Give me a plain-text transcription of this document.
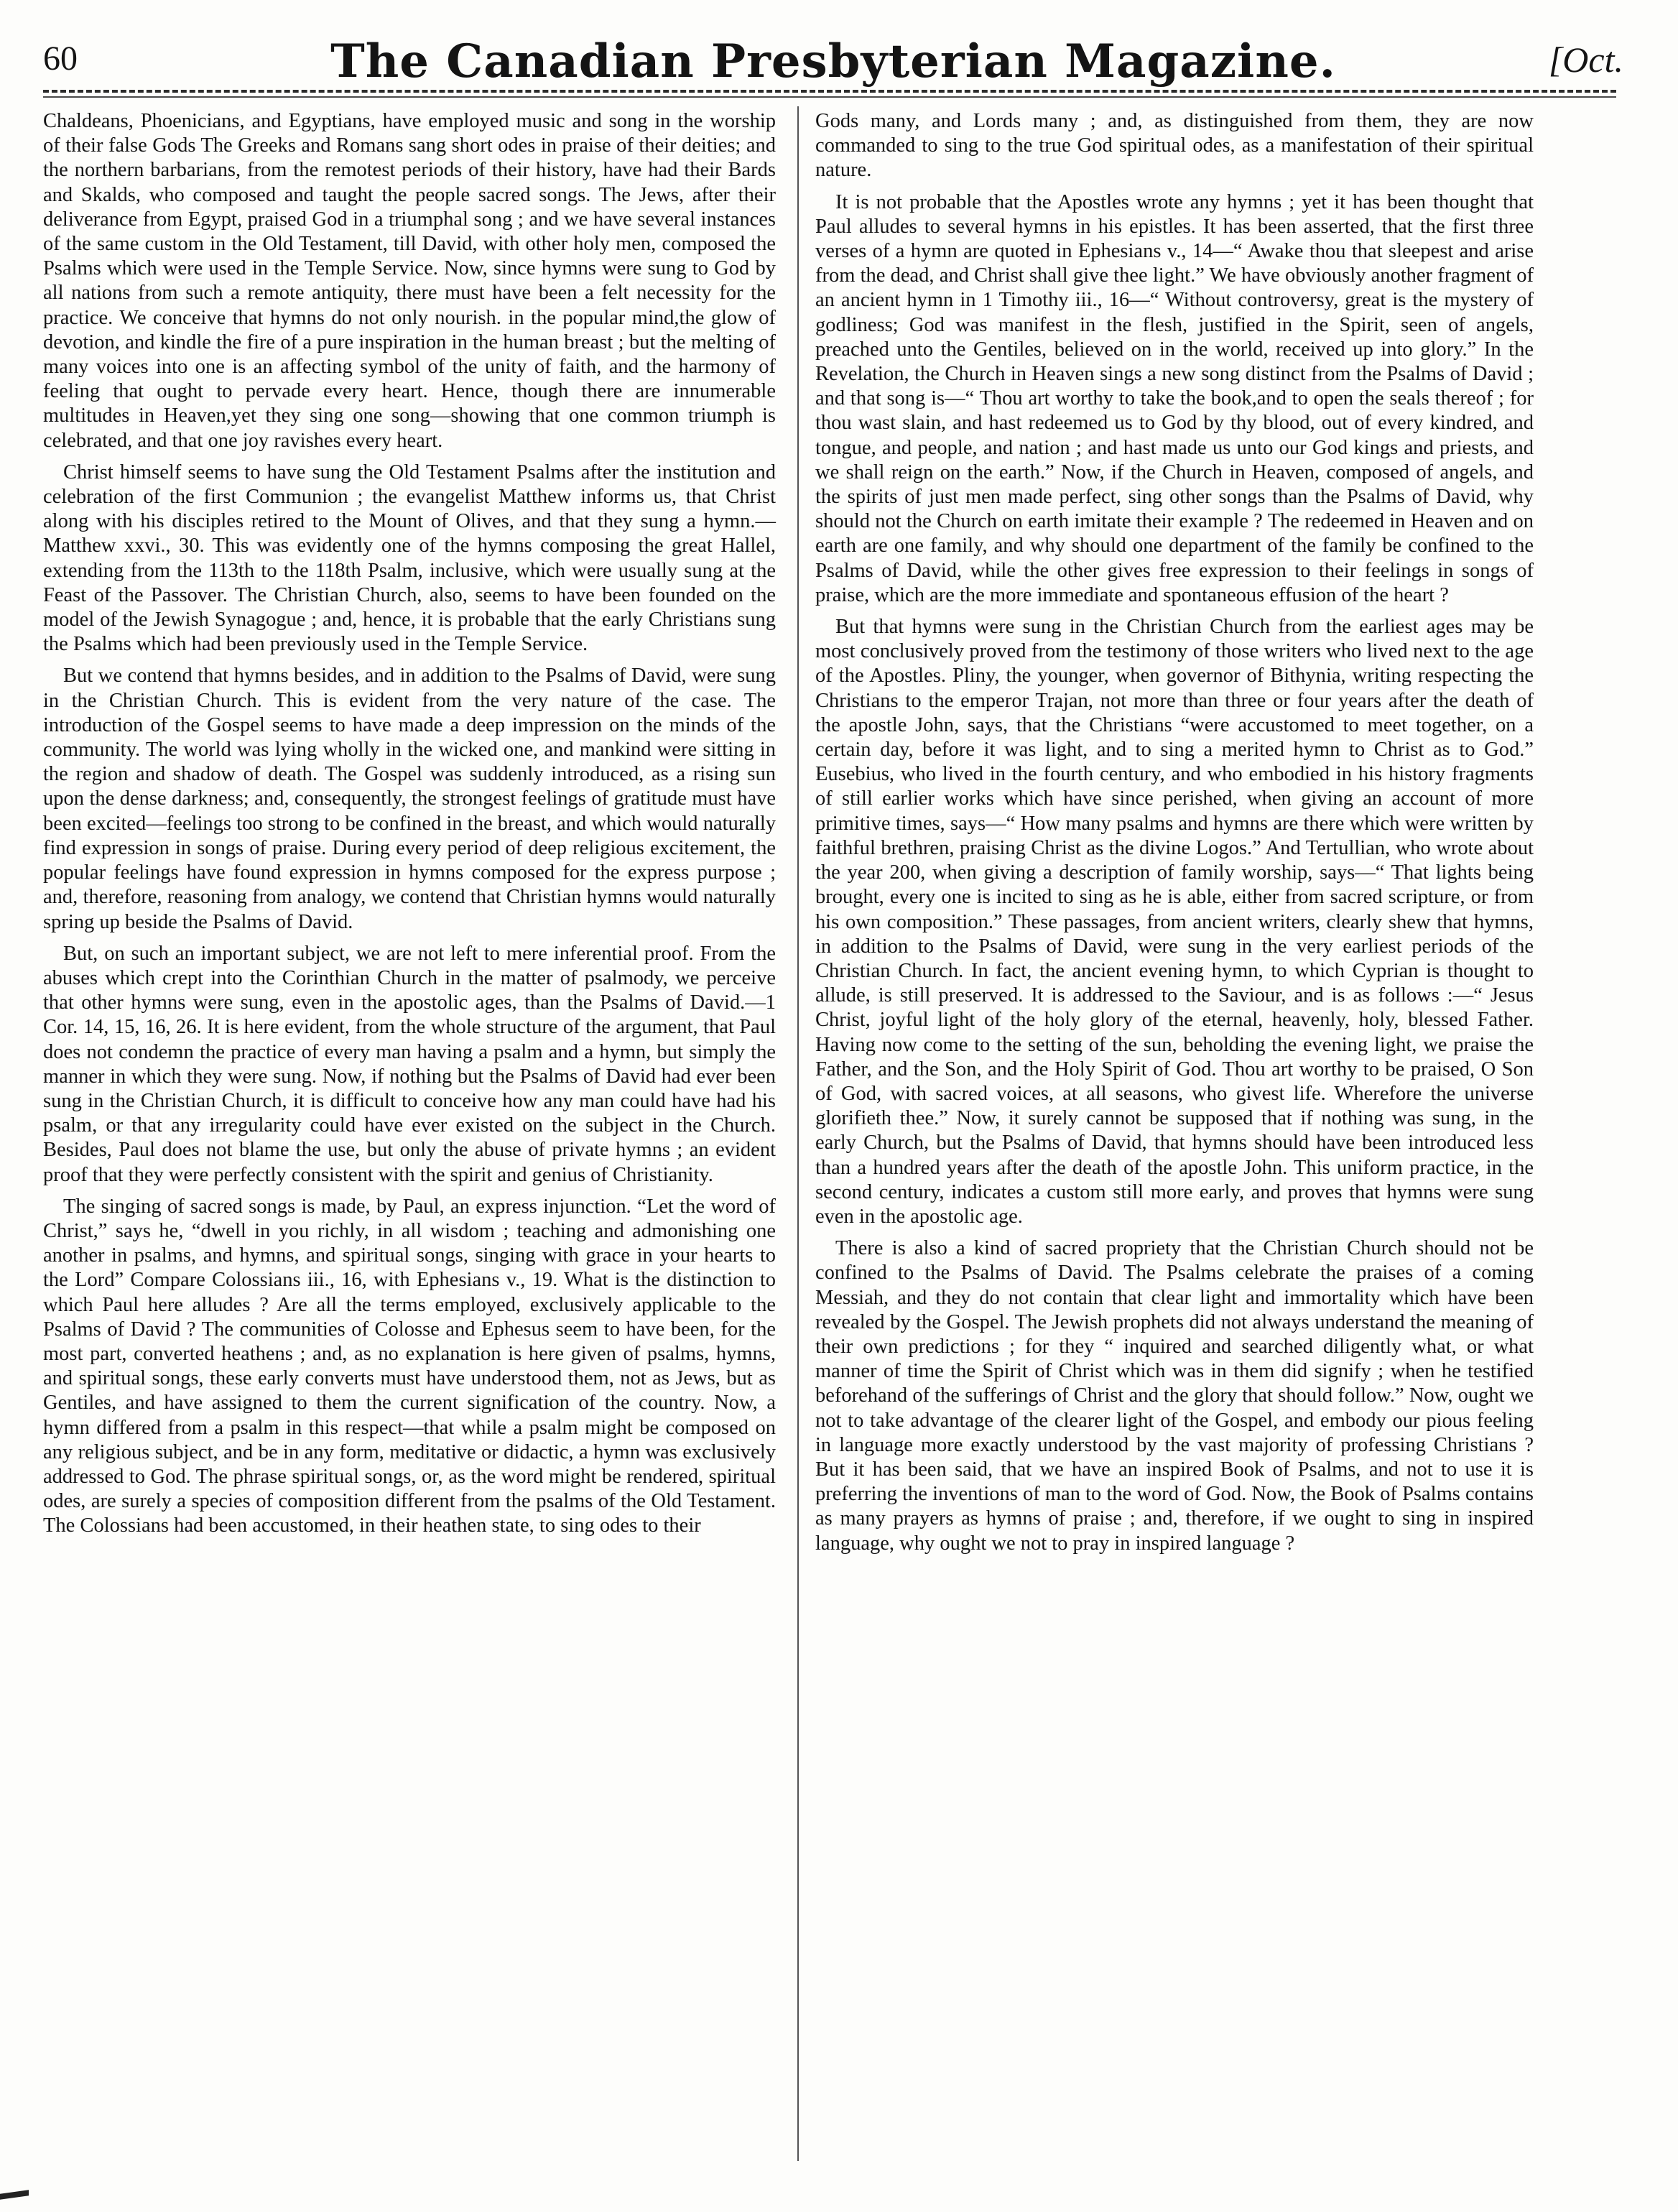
60	The Canadian Presbyterian Magazine.	[Oct.

Chaldeans, Phoenicians, and Egyptians, have employed music and song in the worship of their false Gods The Greeks and Romans sang short odes in praise of their deities; and the northern barbarians, from the remotest periods of their history, have had their Bards and Skalds, who composed and taught the people sacred songs. The Jews, after their deliverance from Egypt, praised God in a triumphal song ; and we have several instances of the same custom in the Old Testament, till David, with other holy men, composed the Psalms which were used in the Temple Service. Now, since hymns were sung to God by all nations from such a remote antiquity, there must have been a felt necessity for the practice. We conceive that hymns do not only nourish. in the popular mind,the glow of devotion, and kindle the fire of a pure inspiration in the human breast ; but the melting of many voices into one is an affecting symbol of the unity of faith, and the harmony of feeling that ought to pervade every heart. Hence, though there are innumerable multitudes in Heaven,yet they sing one song—showing that one common triumph is celebrated, and that one joy ravishes every heart.

Christ himself seems to have sung the Old Testament Psalms after the institution and celebration of the first Communion ; the evangelist Matthew informs us, that Christ along with his disciples retired to the Mount of Olives, and that they sung a hymn.—Matthew xxvi., 30. This was evidently one of the hymns composing the great Hallel, extending from the 113th to the 118th Psalm, inclusive, which were usually sung at the Feast of the Passover. The Christian Church, also, seems to have been founded on the model of the Jewish Synagogue ; and, hence, it is probable that the early Christians sung the Psalms which had been previously used in the Temple Service.

But we contend that hymns besides, and in addition to the Psalms of David, were sung in the Christian Church. This is evident from the very nature of the case. The introduction of the Gospel seems to have made a deep impression on the minds of the community. The world was lying wholly in the wicked one, and mankind were sitting in the region and shadow of death. The Gospel was suddenly introduced, as a rising sun upon the dense darkness; and, consequently, the strongest feelings of gratitude must have been excited—feelings too strong to be confined in the breast, and which would naturally find expression in songs of praise. During every period of deep religious excitement, the popular feelings have found expression in hymns composed for the express purpose ; and, therefore, reasoning from analogy, we contend that Christian hymns would naturally spring up beside the Psalms of David.

But, on such an important subject, we are not left to mere inferential proof. From the abuses which crept into the Corinthian Church in the matter of psalmody, we perceive that other hymns were sung, even in the apostolic ages, than the Psalms of David.—1 Cor. 14, 15, 16, 26. It is here evident, from the whole structure of the argument, that Paul does not condemn the practice of every man having a psalm and a hymn, but simply the manner in which they were sung. Now, if nothing but the Psalms of David had ever been sung in the Christian Church, it is difficult to conceive how any man could have had his psalm, or that any irregularity could have ever existed on the subject in the Church. Besides, Paul does not blame the use, but only the abuse of private hymns ; an evident proof that they were perfectly consistent with the spirit and genius of Christianity.

The singing of sacred songs is made, by Paul, an express injunction. “Let the word of Christ,” says he, “dwell in you richly, in all wisdom ; teaching and admonishing one another in psalms, and hymns, and spiritual songs, singing with grace in your hearts to the Lord” Compare Colossians iii., 16, with Ephesians v., 19. What is the distinction to which Paul here alludes ? Are all the terms employed, exclusively applicable to the Psalms of David ? The communities of Colosse and Ephesus seem to have been, for the most part, converted heathens ; and, as no explanation is here given of psalms, hymns, and spiritual songs, these early converts must have understood them, not as Jews, but as Gentiles, and have assigned to them the current signification of the country. Now, a hymn differed from a psalm in this respect—that while a psalm might be composed on any religious subject, and be in any form, meditative or didactic, a hymn was exclusively addressed to God. The phrase spiritual songs, or, as the word might be rendered, spiritual odes, are surely a species of composition different from the psalms of the Old Testament. The Colossians had been accustomed, in their heathen state, to sing odes to their

Gods many, and Lords many ; and, as distinguished from them, they are now commanded to sing to the true God spiritual odes, as a manifestation of their spiritual nature.

It is not probable that the Apostles wrote any hymns ; yet it has been thought that Paul alludes to several hymns in his epistles. It has been asserted, that the first three verses of a hymn are quoted in Ephesians v., 14—“ Awake thou that sleepest and arise from the dead, and Christ shall give thee light.” We have obviously another fragment of an ancient hymn in 1 Timothy iii., 16—“ Without controversy, great is the mystery of godliness; God was manifest in the flesh, justified in the Spirit, seen of angels, preached unto the Gentiles, believed on in the world, received up into glory.” In the Revelation, the Church in Heaven sings a new song distinct from the Psalms of David ; and that song is—“ Thou art worthy to take the book,and to open the seals thereof ; for thou wast slain, and hast redeemed us to God by thy blood, out of every kindred, and tongue, and people, and nation ; and hast made us unto our God kings and priests, and we shall reign on the earth.” Now, if the Church in Heaven, composed of angels, and the spirits of just men made perfect, sing other songs than the Psalms of David, why should not the Church on earth imitate their example ? The redeemed in Heaven and on earth are one family, and why should one department of the family be confined to the Psalms of David, while the other gives free expression to their feelings in songs of praise, which are the more immediate and spontaneous effusion of the heart ?

But that hymns were sung in the Christian Church from the earliest ages may be most conclusively proved from the testimony of those writers who lived next to the age of the Apostles. Pliny, the younger, when governor of Bithynia, writing respecting the Christians to the emperor Trajan, not more than three or four years after the death of the apostle John, says, that the Christians “were accustomed to meet together, on a certain day, before it was light, and to sing a merited hymn to Christ as to God.” Eusebius, who lived in the fourth century, and who embodied in his history fragments of still earlier works which have since perished, when giving an account of more primitive times, says—“ How many psalms and hymns are there which were written by faithful brethren, praising Christ as the divine Logos.” And Tertullian, who wrote about the year 200, when giving a description of family worship, says—“ That lights being brought, every one is incited to sing as he is able, either from sacred scripture, or from his own composition.” These passages, from ancient writers, clearly shew that hymns, in addition to the Psalms of David, were sung in the very earliest periods of the Christian Church. In fact, the ancient evening hymn, to which Cyprian is thought to allude, is still preserved. It is addressed to the Saviour, and is as follows :—“ Jesus Christ, joyful light of the holy glory of the eternal, heavenly, holy, blessed Father. Having now come to the setting of the sun, beholding the evening light, we praise the Father, and the Son, and the Holy Spirit of God. Thou art worthy to be praised, O Son of God, with sacred voices, at all seasons, who givest life. Wherefore the universe glorifieth thee.” Now, it surely cannot be supposed that if nothing was sung, in the early Church, but the Psalms of David, that hymns should have been introduced less than a hundred years after the death of the apostle John. This uniform practice, in the second century, indicates a custom still more early, and proves that hymns were sung even in the apostolic age.

There is also a kind of sacred propriety that the Christian Church should not be confined to the Psalms of David. The Psalms celebrate the praises of a coming Messiah, and they do not contain that clear light and immortality which have been revealed by the Gospel. The Jewish prophets did not always understand the meaning of their own predictions ; for they “ inquired and searched diligently what, or what manner of time the Spirit of Christ which was in them did signify ; when he testified beforehand of the sufferings of Christ and the glory that should follow.” Now, ought we not to take advantage of the clearer light of the Gospel, and embody our pious feeling in language more exactly understood by the vast majority of professing Christians ? But it has been said, that we have an inspired Book of Psalms, and not to use it is preferring the inventions of man to the word of God. Now, the Book of Psalms contains as many prayers as hymns of praise ; and, therefore, if we ought to sing in inspired language, why ought we not to pray in inspired language ?
